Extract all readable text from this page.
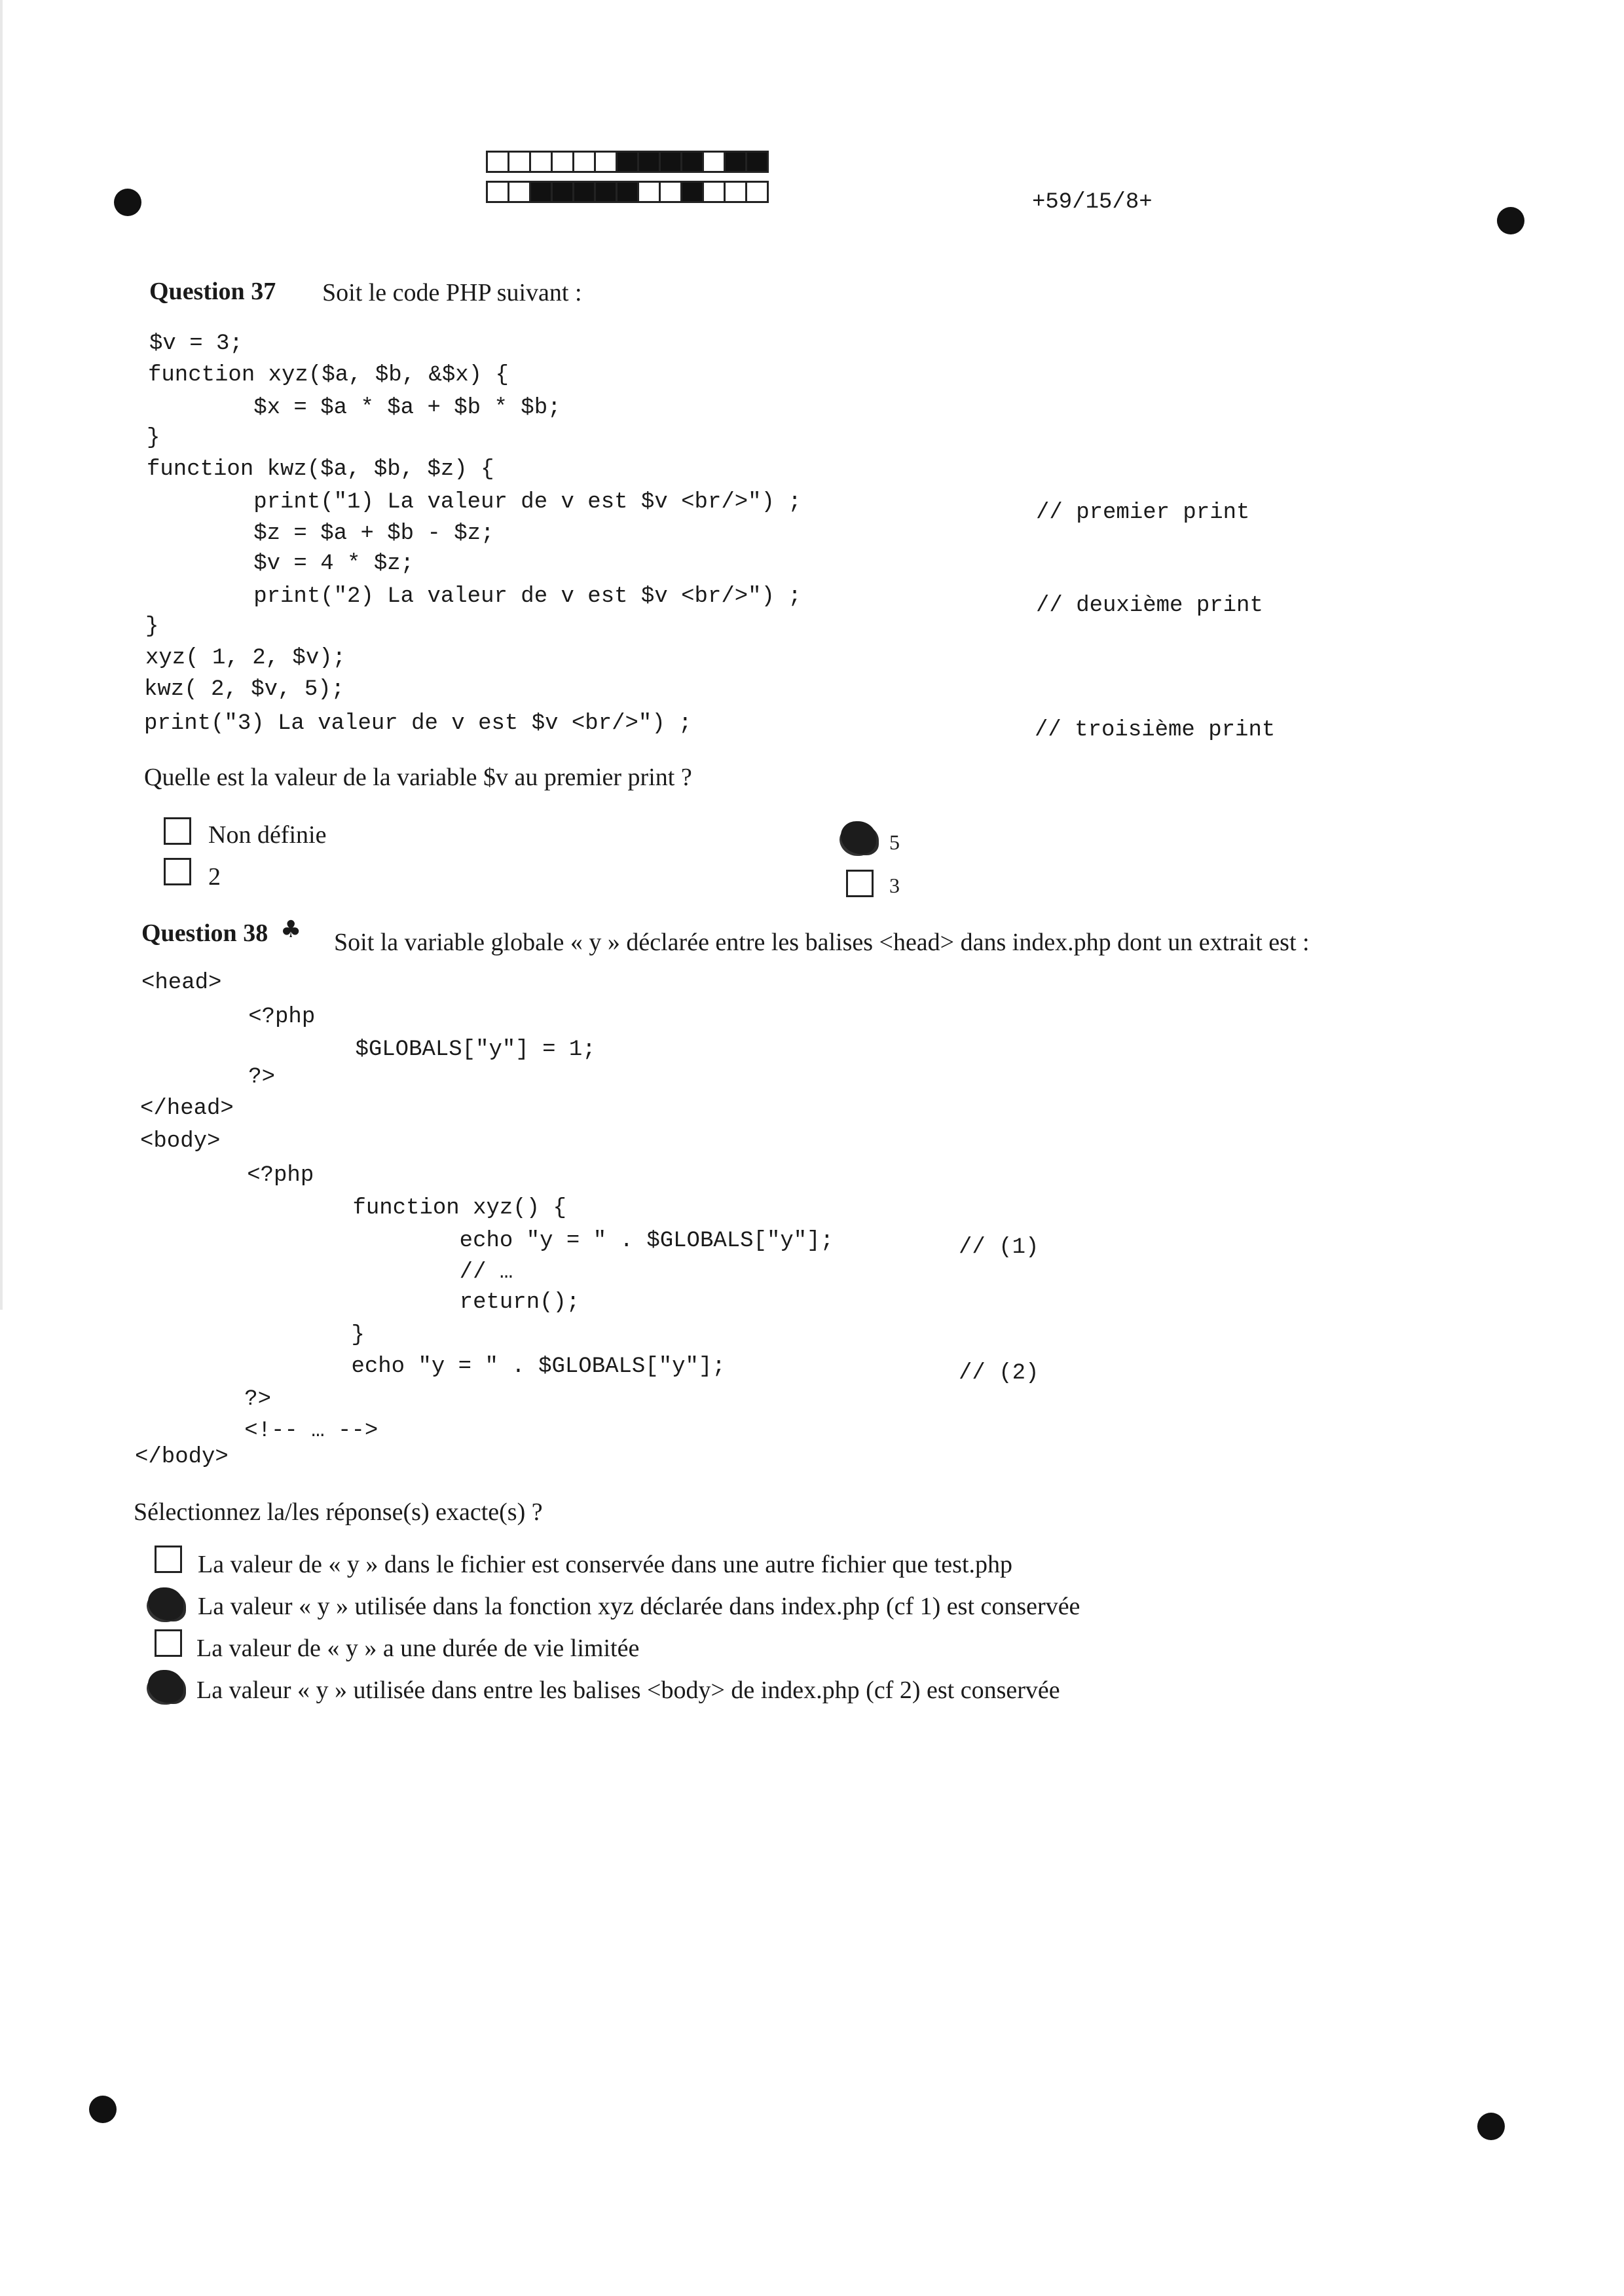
+59/15/8+
Question 37 Soit le code PHP suivant :
$v = 3;
function xyz($a, $b, &$x) {
$x = $a * $a + $b * $b;
}
function kwz($a, $b, $z) {
print("1) La valeur de v est $v <br/>") ;
$z = $a + $b - $z;
$v = 4 * $z;
print("2) La valeur de v est $v <br/>") ;
}
xyz( 1, 2, $v);
kwz( 2, $v, 5);
print("3) La valeur de v est $v <br/>") ;
// premier print
// deuxième print
// troisième print
Quelle est la valeur de la variable $v au premier print ?
Non définie
2
5
3
Question 38 ♣ Soit la variable globale « y » déclarée entre les balises <head> dans index.php dont un extrait est :
<head>
<?php
$GLOBALS["y"] = 1;
?>
</head>
<body>
<?php
function xyz() {
echo "y = " . $GLOBALS["y"];
// …
return();
}
echo "y = " . $GLOBALS["y"];
?>
<!-- … -->
</body>
// (1)
// (2)
Sélectionnez la/les réponse(s) exacte(s) ?
La valeur de « y » dans le fichier est conservée dans une autre fichier que test.php
La valeur « y » utilisée dans la fonction xyz déclarée dans index.php (cf 1) est conservée
La valeur de « y » a une durée de vie limitée
La valeur « y » utilisée dans entre les balises <body> de index.php (cf 2) est conservée
